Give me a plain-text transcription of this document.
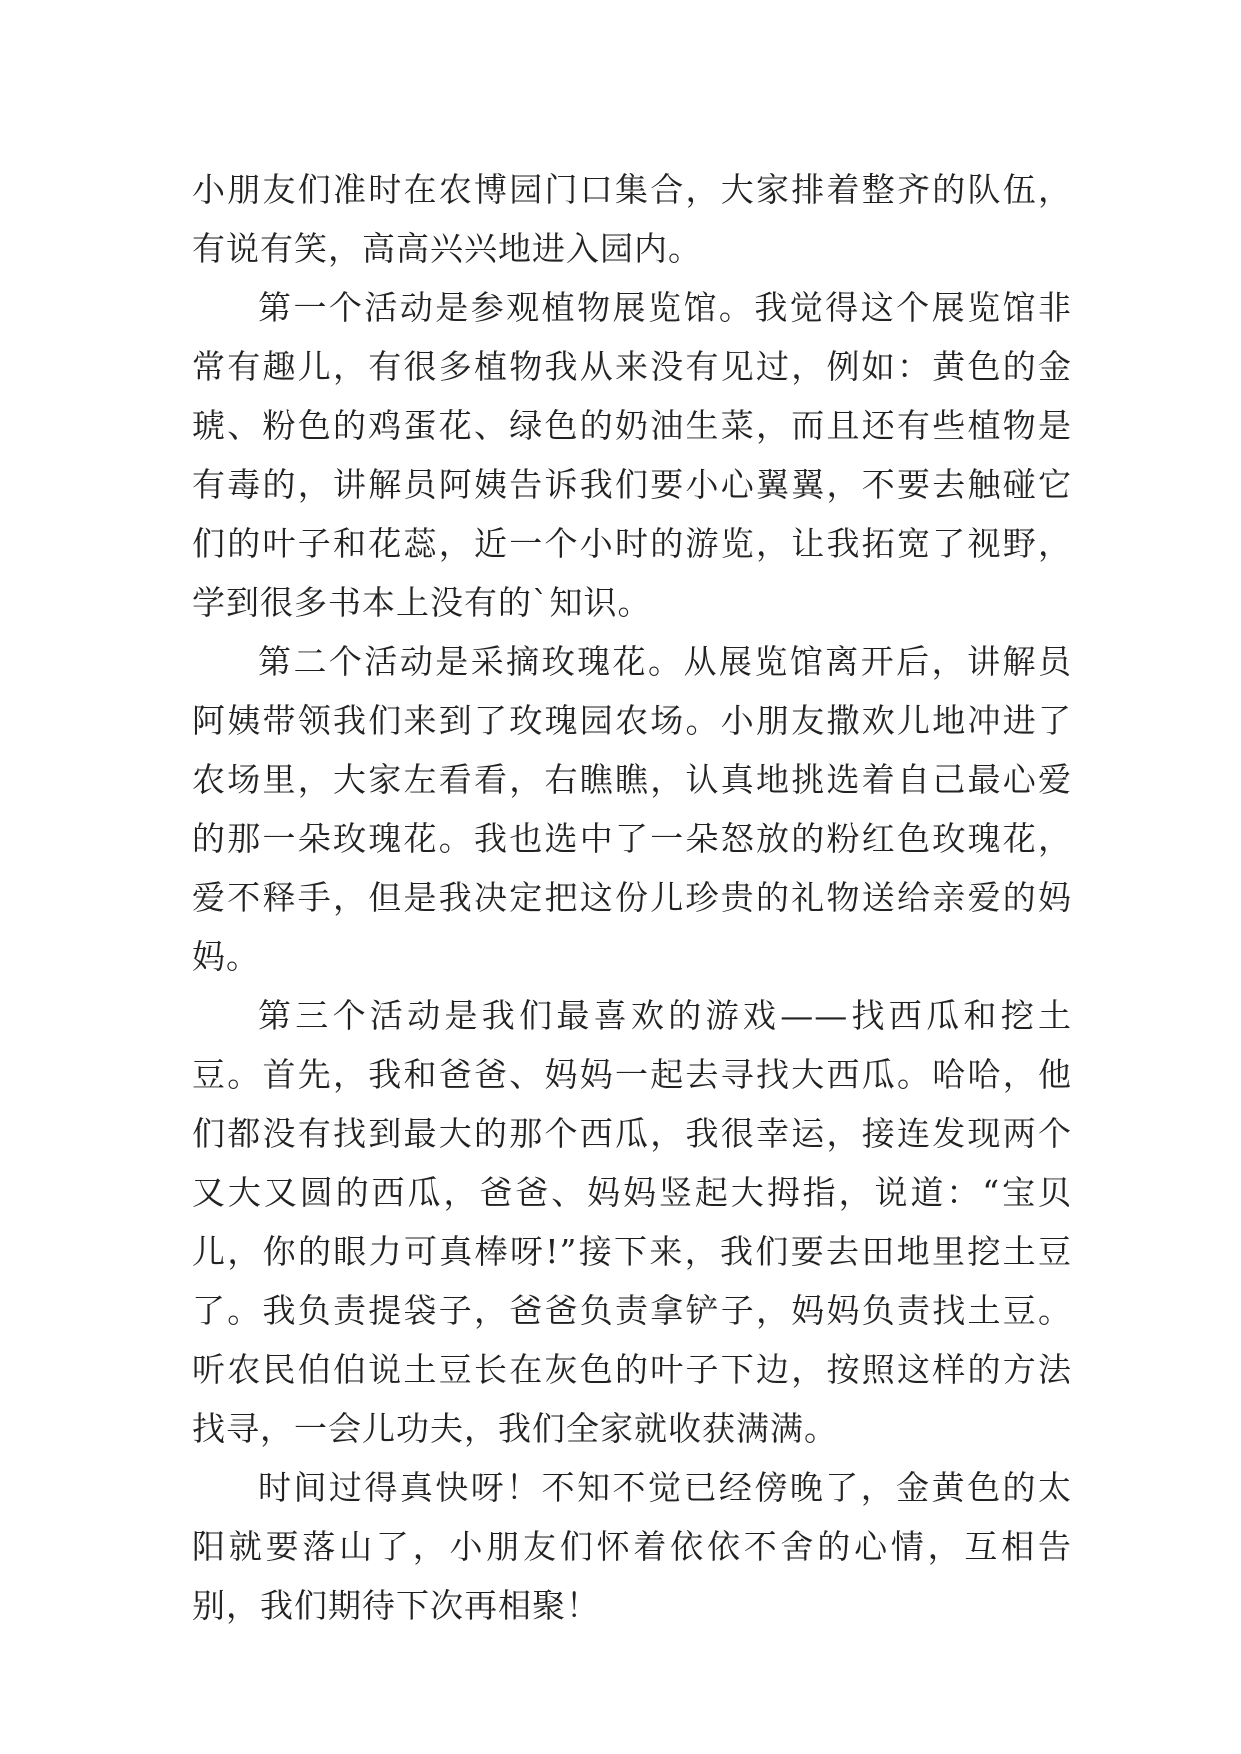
小朋友们准时在农博园门口集合，大家排着整齐的队伍，有说有笑，高高兴兴地进入园内。

第一个活动是参观植物展览馆。我觉得这个展览馆非常有趣儿，有很多植物我从来没有见过，例如：黄色的金琥、粉色的鸡蛋花、绿色的奶油生菜，而且还有些植物是有毒的，讲解员阿姨告诉我们要小心翼翼，不要去触碰它们的叶子和花蕊，近一个小时的游览，让我拓宽了视野，学到很多书本上没有的`知识。

第二个活动是采摘玫瑰花。从展览馆离开后，讲解员阿姨带领我们来到了玫瑰园农场。小朋友撒欢儿地冲进了农场里，大家左看看，右瞧瞧，认真地挑选着自己最心爱的那一朵玫瑰花。我也选中了一朵怒放的粉红色玫瑰花，爱不释手，但是我决定把这份儿珍贵的礼物送给亲爱的妈妈。

第三个活动是我们最喜欢的游戏——找西瓜和挖土豆。首先，我和爸爸、妈妈一起去寻找大西瓜。哈哈，他们都没有找到最大的那个西瓜，我很幸运，接连发现两个又大又圆的西瓜，爸爸、妈妈竖起大拇指，说道：“宝贝儿，你的眼力可真棒呀!”接下来，我们要去田地里挖土豆了。我负责提袋子，爸爸负责拿铲子，妈妈负责找土豆。听农民伯伯说土豆长在灰色的叶子下边，按照这样的方法找寻，一会儿功夫，我们全家就收获满满。

时间过得真快呀！不知不觉已经傍晚了，金黄色的太阳就要落山了，小朋友们怀着依依不舍的心情，互相告别，我们期待下次再相聚！
